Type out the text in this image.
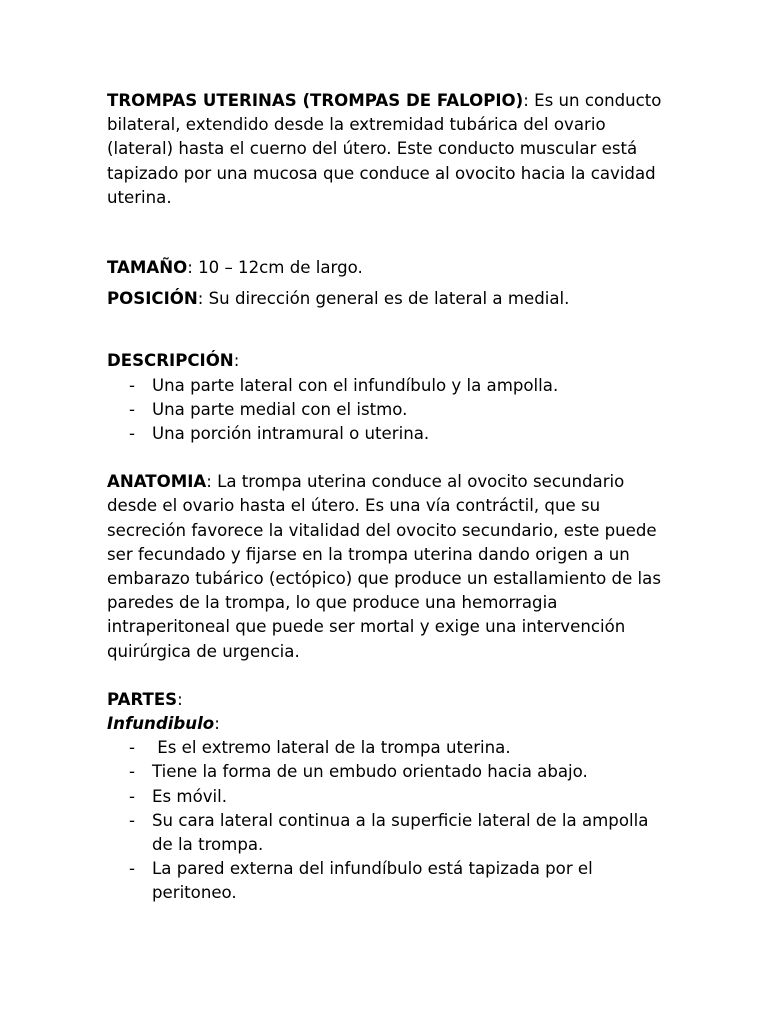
TROMPAS UTERINAS (TROMPAS DE FALOPIO): Es un conducto bilateral, extendido desde la extremidad tubárica del ovario (lateral) hasta el cuerno del útero. Este conducto muscular está tapizado por una mucosa que conduce al ovocito hacia la cavidad uterina.

TAMAÑO: 10 – 12cm de largo.

POSICIÓN: Su dirección general es de lateral a medial.

DESCRIPCIÓN:

- Una parte lateral con el infundíbulo y la ampolla.
- Una parte medial con el istmo.
- Una porción intramural o uterina.

ANATOMIA: La trompa uterina conduce al ovocito secundario desde el ovario hasta el útero. Es una vía contráctil, que su secreción favorece la vitalidad del ovocito secundario, este puede ser fecundado y fijarse en la trompa uterina dando origen a un embarazo tubárico (ectópico) que produce un estallamiento de las paredes de la trompa, lo que produce una hemorragia intraperitoneal que puede ser mortal y exige una intervención quirúrgica de urgencia.

PARTES:

Infundibulo:

- Es el extremo lateral de la trompa uterina.
- Tiene la forma de un embudo orientado hacia abajo.
- Es móvil.
- Su cara lateral continua a la superficie lateral de la ampolla de la trompa.
- La pared externa del infundíbulo está tapizada por el peritoneo.
